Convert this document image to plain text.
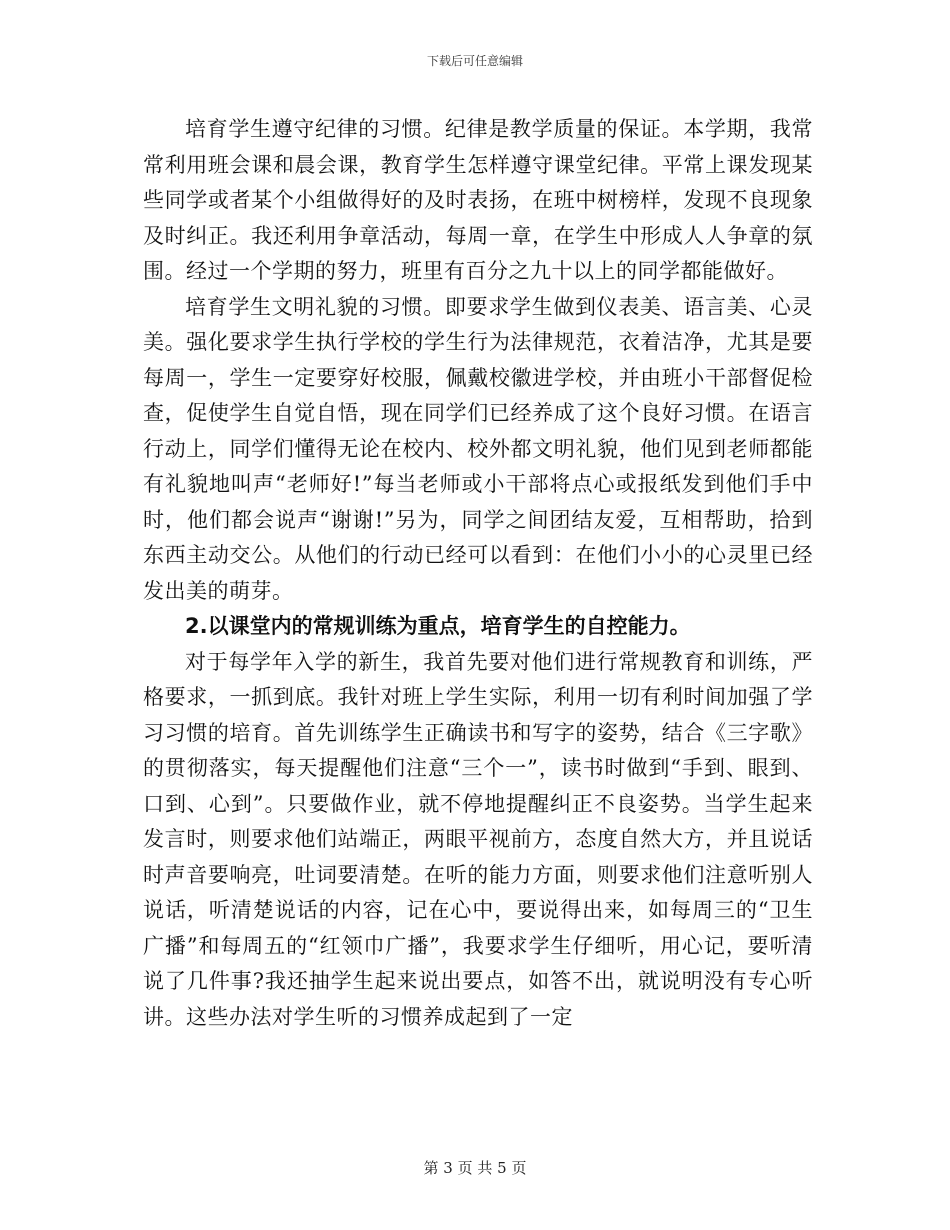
下载后可任意编辑

培育学生遵守纪律的习惯。纪律是教学质量的保证。本学期，我常常利用班会课和晨会课，教育学生怎样遵守课堂纪律。平常上课发现某些同学或者某个小组做得好的及时表扬，在班中树榜样，发现不良现象及时纠正。我还利用争章活动，每周一章，在学生中形成人人争章的氛围。经过一个学期的努力，班里有百分之九十以上的同学都能做好。

培育学生文明礼貌的习惯。即要求学生做到仪表美、语言美、心灵美。强化要求学生执行学校的学生行为法律规范，衣着洁净，尤其是要每周一，学生一定要穿好校服，佩戴校徽进学校，并由班小干部督促检查，促使学生自觉自悟，现在同学们已经养成了这个良好习惯。在语言行动上，同学们懂得无论在校内、校外都文明礼貌，他们见到老师都能有礼貌地叫声“老师好!”每当老师或小干部将点心或报纸发到他们手中时，他们都会说声“谢谢!”另为，同学之间团结友爱，互相帮助，拾到东西主动交公。从他们的行动已经可以看到：在他们小小的心灵里已经发出美的萌芽。

2.以课堂内的常规训练为重点，培育学生的自控能力。

对于每学年入学的新生，我首先要对他们进行常规教育和训练，严格要求，一抓到底。我针对班上学生实际，利用一切有利时间加强了学习习惯的培育。首先训练学生正确读书和写字的姿势，结合《三字歌》的贯彻落实，每天提醒他们注意“三个一”，读书时做到“手到、眼到、口到、心到”。只要做作业，就不停地提醒纠正不良姿势。当学生起来发言时，则要求他们站端正，两眼平视前方，态度自然大方，并且说话时声音要响亮，吐词要清楚。在听的能力方面，则要求他们注意听别人说话，听清楚说话的内容，记在心中，要说得出来，如每周三的“卫生广播”和每周五的“红领巾广播”，我要求学生仔细听，用心记，要听清说了几件事?我还抽学生起来说出要点，如答不出，就说明没有专心听讲。这些办法对学生听的习惯养成起到了一定

第 3 页 共 5 页
